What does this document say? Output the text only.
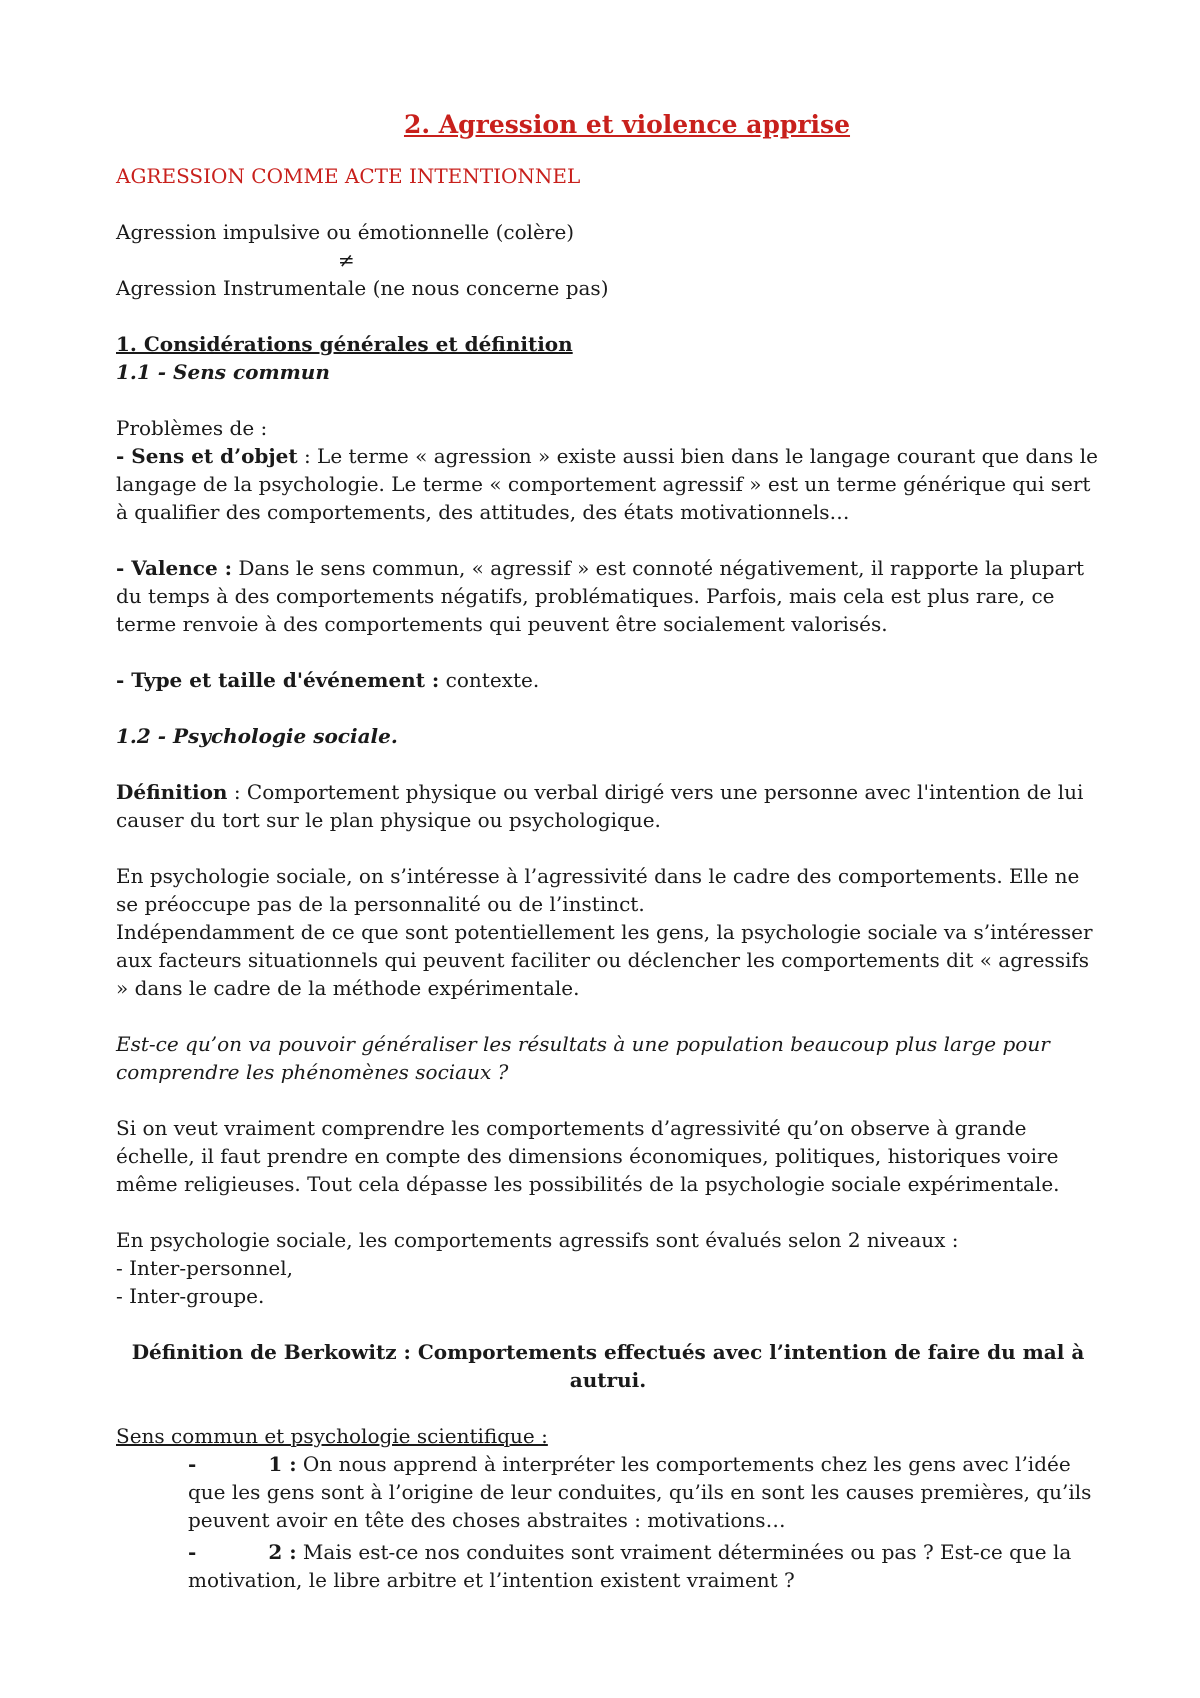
2. Agression et violence apprise

AGRESSION COMME ACTE INTENTIONNEL

Agression impulsive ou émotionnelle (colère)

≠

Agression Instrumentale (ne nous concerne pas)

1. Considérations générales et définition

1.1 - Sens commun

Problèmes de :

- Sens et d’objet : Le terme « agression » existe aussi bien dans le langage courant que dans le langage de la psychologie. Le terme « comportement agressif » est un terme générique qui sert à qualifier des comportements, des attitudes, des états motivationnels…

- Valence : Dans le sens commun, « agressif » est connoté négativement, il rapporte la plupart du temps à des comportements négatifs, problématiques. Parfois, mais cela est plus rare, ce terme renvoie à des comportements qui peuvent être socialement valorisés.

- Type et taille d'événement : contexte.

1.2 - Psychologie sociale.

Définition : Comportement physique ou verbal dirigé vers une personne avec l'intention de lui causer du tort sur le plan physique ou psychologique.

En psychologie sociale, on s’intéresse à l’agressivité dans le cadre des comportements. Elle ne se préoccupe pas de la personnalité ou de l’instinct.

Indépendamment de ce que sont potentiellement les gens, la psychologie sociale va s’intéresser aux facteurs situationnels qui peuvent faciliter ou déclencher les comportements dit « agressifs » dans le cadre de la méthode expérimentale.

Est-ce qu’on va pouvoir généraliser les résultats à une population beaucoup plus large pour comprendre les phénomènes sociaux ?

Si on veut vraiment comprendre les comportements d’agressivité qu’on observe à grande échelle, il faut prendre en compte des dimensions économiques, politiques, historiques voire même religieuses. Tout cela dépasse les possibilités de la psychologie sociale expérimentale.

En psychologie sociale, les comportements agressifs sont évalués selon 2 niveaux :

- Inter-personnel,

- Inter-groupe.

Définition de Berkowitz : Comportements effectués avec l’intention de faire du mal à autrui.

Sens commun et psychologie scientifique :

-	1 : On nous apprend à interpréter les comportements chez les gens avec l’idée que les gens sont à l’origine de leur conduites, qu’ils en sont les causes premières, qu’ils peuvent avoir en tête des choses abstraites : motivations…
-	2 : Mais est-ce nos conduites sont vraiment déterminées ou pas ? Est-ce que la motivation, le libre arbitre et l’intention existent vraiment ?
